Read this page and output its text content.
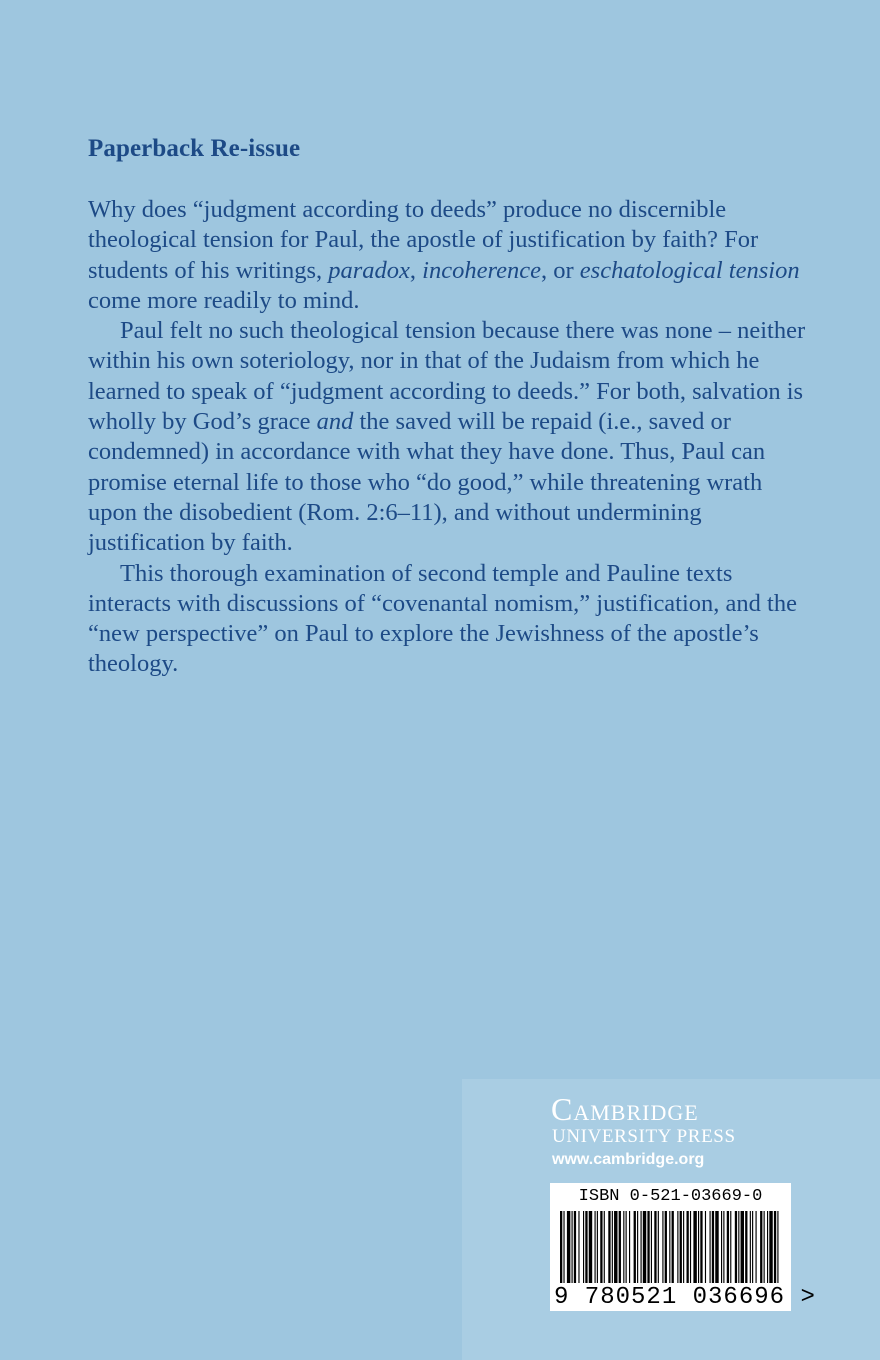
Paperback Re-issue

Why does “judgment according to deeds” produce no discernible theological tension for Paul, the apostle of justification by faith? For students of his writings, paradox, incoherence, or eschatological tension come more readily to mind.

Paul felt no such theological tension because there was none – neither within his own soteriology, nor in that of the Judaism from which he learned to speak of “judgment according to deeds.” For both, salvation is wholly by God’s grace and the saved will be repaid (i.e., saved or condemned) in accordance with what they have done. Thus, Paul can promise eternal life to those who “do good,” while threatening wrath upon the disobedient (Rom. 2:6–11), and without undermining justification by faith.

This thorough examination of second temple and Pauline texts interacts with discussions of “covenantal nomism,” justification, and the “new perspective” on Paul to explore the Jewishness of the apostle’s theology.

Cambridge
UNIVERSITY PRESS
www.cambridge.org
ISBN 0-521-03669-0
9 780521 036696 >
